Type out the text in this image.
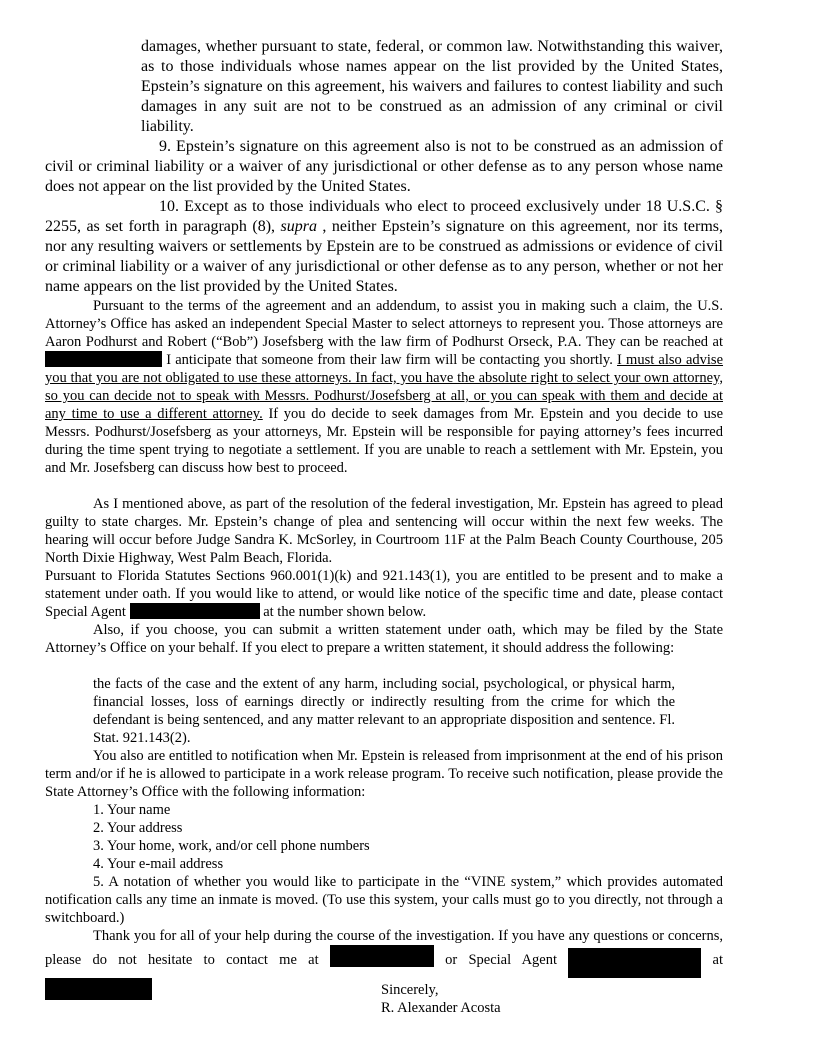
damages, whether pursuant to state, federal, or common law. Notwithstanding this waiver, as to those individuals whose names appear on the list provided by the United States, Epstein’s signature on this agreement, his waivers and failures to contest liability and such damages in any suit are not to be construed as an admission of any criminal or civil liability.

9. Epstein’s signature on this agreement also is not to be construed as an admission of civil or criminal liability or a waiver of any jurisdictional or other defense as to any person whose name does not appear on the list provided by the United States.

10. Except as to those individuals who elect to proceed exclusively under 18 U.S.C. § 2255, as set forth in paragraph (8), supra , neither Epstein’s signature on this agreement, nor its terms, nor any resulting waivers or settlements by Epstein are to be construed as admissions or evidence of civil or criminal liability or a waiver of any jurisdictional or other defense as to any person, whether or not her name appears on the list provided by the United States.

Pursuant to the terms of the agreement and an addendum, to assist you in making such a claim, the U.S. Attorney’s Office has asked an independent Special Master to select attorneys to represent you. Those attorneys are Aaron Podhurst and Robert (“Bob”) Josefsberg with the law firm of Podhurst Orseck, P.A. They can be reached at  I anticipate that someone from their law firm will be contacting you shortly. I must also advise you that you are not obligated to use these attorneys. In fact, you have the absolute right to select your own attorney, so you can decide not to speak with Messrs. Podhurst/Josefsberg at all, or you can speak with them and decide at any time to use a different attorney. If you do decide to seek damages from Mr. Epstein and you decide to use Messrs. Podhurst/Josefsberg as your attorneys, Mr. Epstein will be responsible for paying attorney’s fees incurred during the time spent trying to negotiate a settlement. If you are unable to reach a settlement with Mr. Epstein, you and Mr. Josefsberg can discuss how best to proceed.

As I mentioned above, as part of the resolution of the federal investigation, Mr. Epstein has agreed to plead guilty to state charges. Mr. Epstein’s change of plea and sentencing will occur within the next few weeks. The hearing will occur before Judge Sandra K. McSorley, in Courtroom 11F at the Palm Beach County Courthouse, 205 North Dixie Highway, West Palm Beach, Florida.

Pursuant to Florida Statutes Sections 960.001(1)(k) and 921.143(1), you are entitled to be present and to make a statement under oath. If you would like to attend, or would like notice of the specific time and date, please contact Special Agent	at the number shown below.

Also, if you choose, you can submit a written statement under oath, which may be filed by the State Attorney’s Office on your behalf. If you elect to prepare a written statement, it should address the following:

the facts of the case and the extent of any harm, including social, psychological, or physical harm, financial losses, loss of earnings directly or indirectly resulting from the crime for which the defendant is being sentenced, and any matter relevant to an appropriate disposition and sentence. Fl. Stat. 921.143(2).

You also are entitled to notification when Mr. Epstein is released from imprisonment at the end of his prison term and/or if he is allowed to participate in a work release program. To receive such notification, please provide the State Attorney’s Office with the following information:

1. Your name
2. Your address
3. Your home, work, and/or cell phone numbers
4. Your e-mail address

5. A notation of whether you would like to participate in the “VINE system,” which provides automated notification calls any time an inmate is moved. (To use this system, your calls must go to you directly, not through a switchboard.)

Thank you for all of your help during the course of the investigation. If you have any questions or concerns, please do not hesitate to contact me at	or Special Agent	at

Sincerely,
R. Alexander Acosta
